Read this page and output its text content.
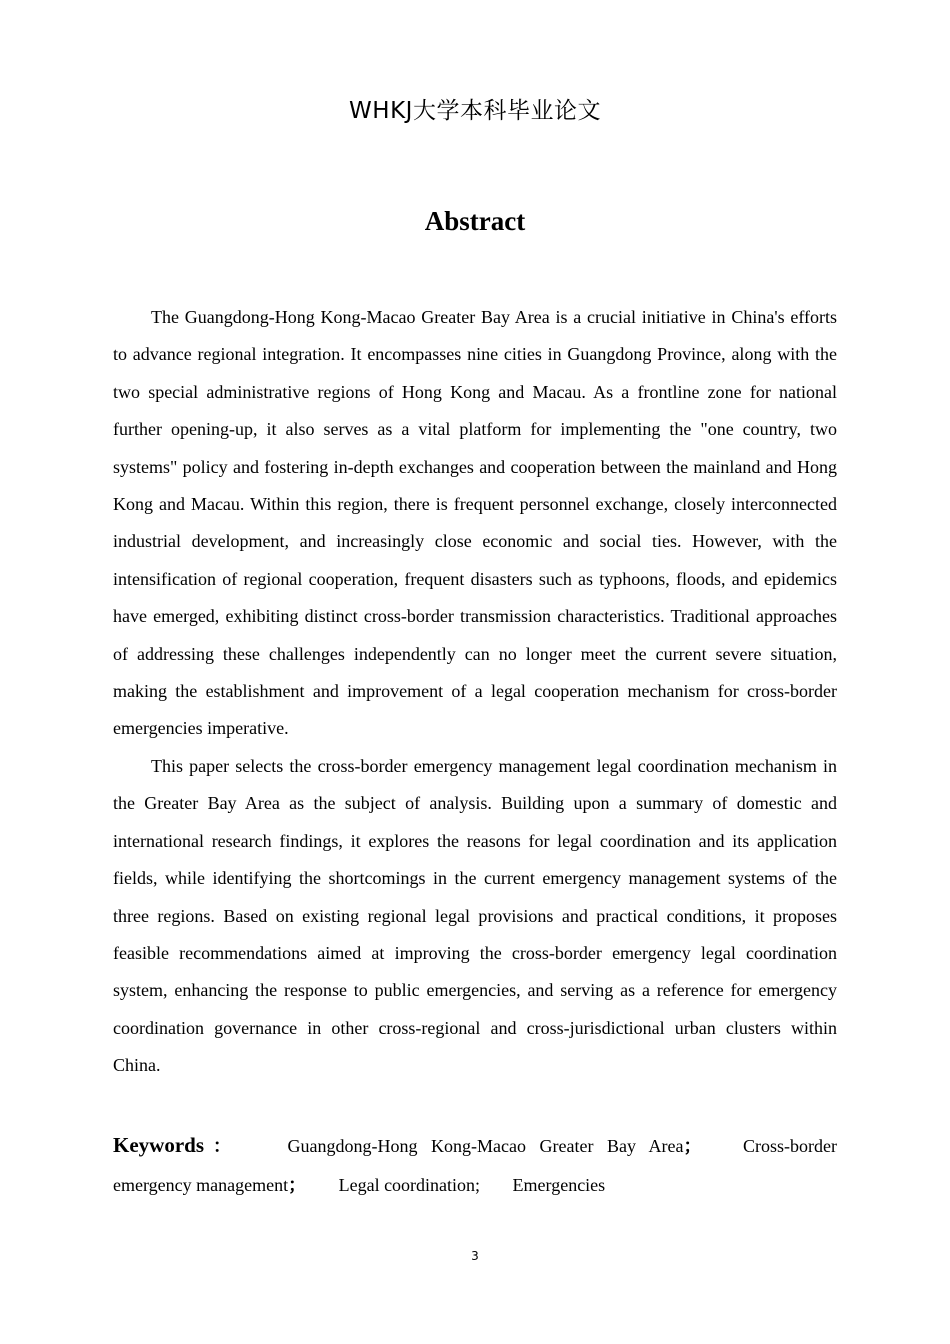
WHKJ大学本科毕业论文
Abstract

The Guangdong-Hong Kong-Macao Greater Bay Area is a crucial initiative in China's efforts to advance regional integration. It encompasses nine cities in Guangdong Province, along with the two special administrative regions of Hong Kong and Macau. As a frontline zone for national further opening-up, it also serves as a vital platform for implementing the "one country, two systems" policy and fostering in-depth exchanges and cooperation between the mainland and Hong Kong and Macau. Within this region, there is frequent personnel exchange, closely interconnected industrial development, and increasingly close economic and social ties. However, with the intensification of regional cooperation, frequent disasters such as typhoons, floods, and epidemics have emerged, exhibiting distinct cross-border transmission characteristics. Traditional approaches of addressing these challenges independently can no longer meet the current severe situation, making the establishment and improvement of a legal cooperation mechanism for cross-border emergencies imperative.

This paper selects the cross-border emergency management legal coordination mechanism in the Greater Bay Area as the subject of analysis. Building upon a summary of domestic and international research findings, it explores the reasons for legal coordination and its application fields, while identifying the shortcomings in the current emergency management systems of the three regions. Based on existing regional legal provisions and practical conditions, it proposes feasible recommendations aimed at improving the cross-border emergency legal coordination system, enhancing the response to public emergencies, and serving as a reference for emergency coordination governance in other cross-regional and cross-jurisdictional urban clusters within China.

Keywords：	Guangdong-Hong Kong-Macao Greater Bay Area； Cross-border emergency management； Legal coordination; Emergencies
3
